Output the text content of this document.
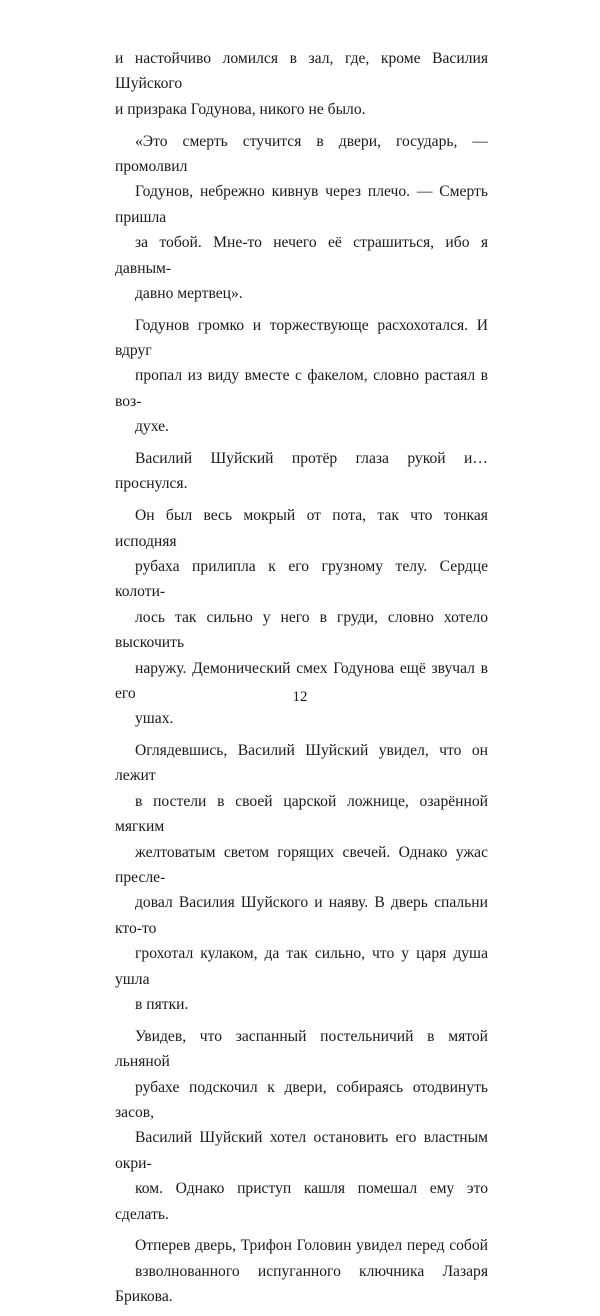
и настойчиво ломился в зал, где, кроме Василия Шуйского
и призрака Годунова, никого не было.

«Это смерть стучится в двери, государь, — промолвил
Годунов, небрежно кивнув через плечо. — Смерть пришла
за тобой. Мне-то нечего её страшиться, ибо я давным-
давно мертвец».

Годунов громко и торжествующе расхохотался. И вдруг
пропал из виду вместе с факелом, словно растаял в воз-
духе.

Василий Шуйский протёр глаза рукой и… проснулся.

Он был весь мокрый от пота, так что тонкая исподняя
рубаха прилипла к его грузному телу. Сердце колоти-
лось так сильно у него в груди, словно хотело выскочить
наружу. Демонический смех Годунова ещё звучал в его
ушах.

Оглядевшись, Василий Шуйский увидел, что он лежит
в постели в своей царской ложнице, озарённой мягким
желтоватым светом горящих свечей. Однако ужас пресле-
довал Василия Шуйского и наяву. В дверь спальни кто-то
грохотал кулаком, да так сильно, что у царя душа ушла
в пятки.

Увидев, что заспанный постельничий в мятой льняной
рубахе подскочил к двери, собираясь отодвинуть засов,
Василий Шуйский хотел остановить его властным окри-
ком. Однако приступ кашля помешал ему это сделать.

Отперев дверь, Трифон Головин увидел перед собой
взволнованного испуганного ключника Лазаря Брикова.

12
